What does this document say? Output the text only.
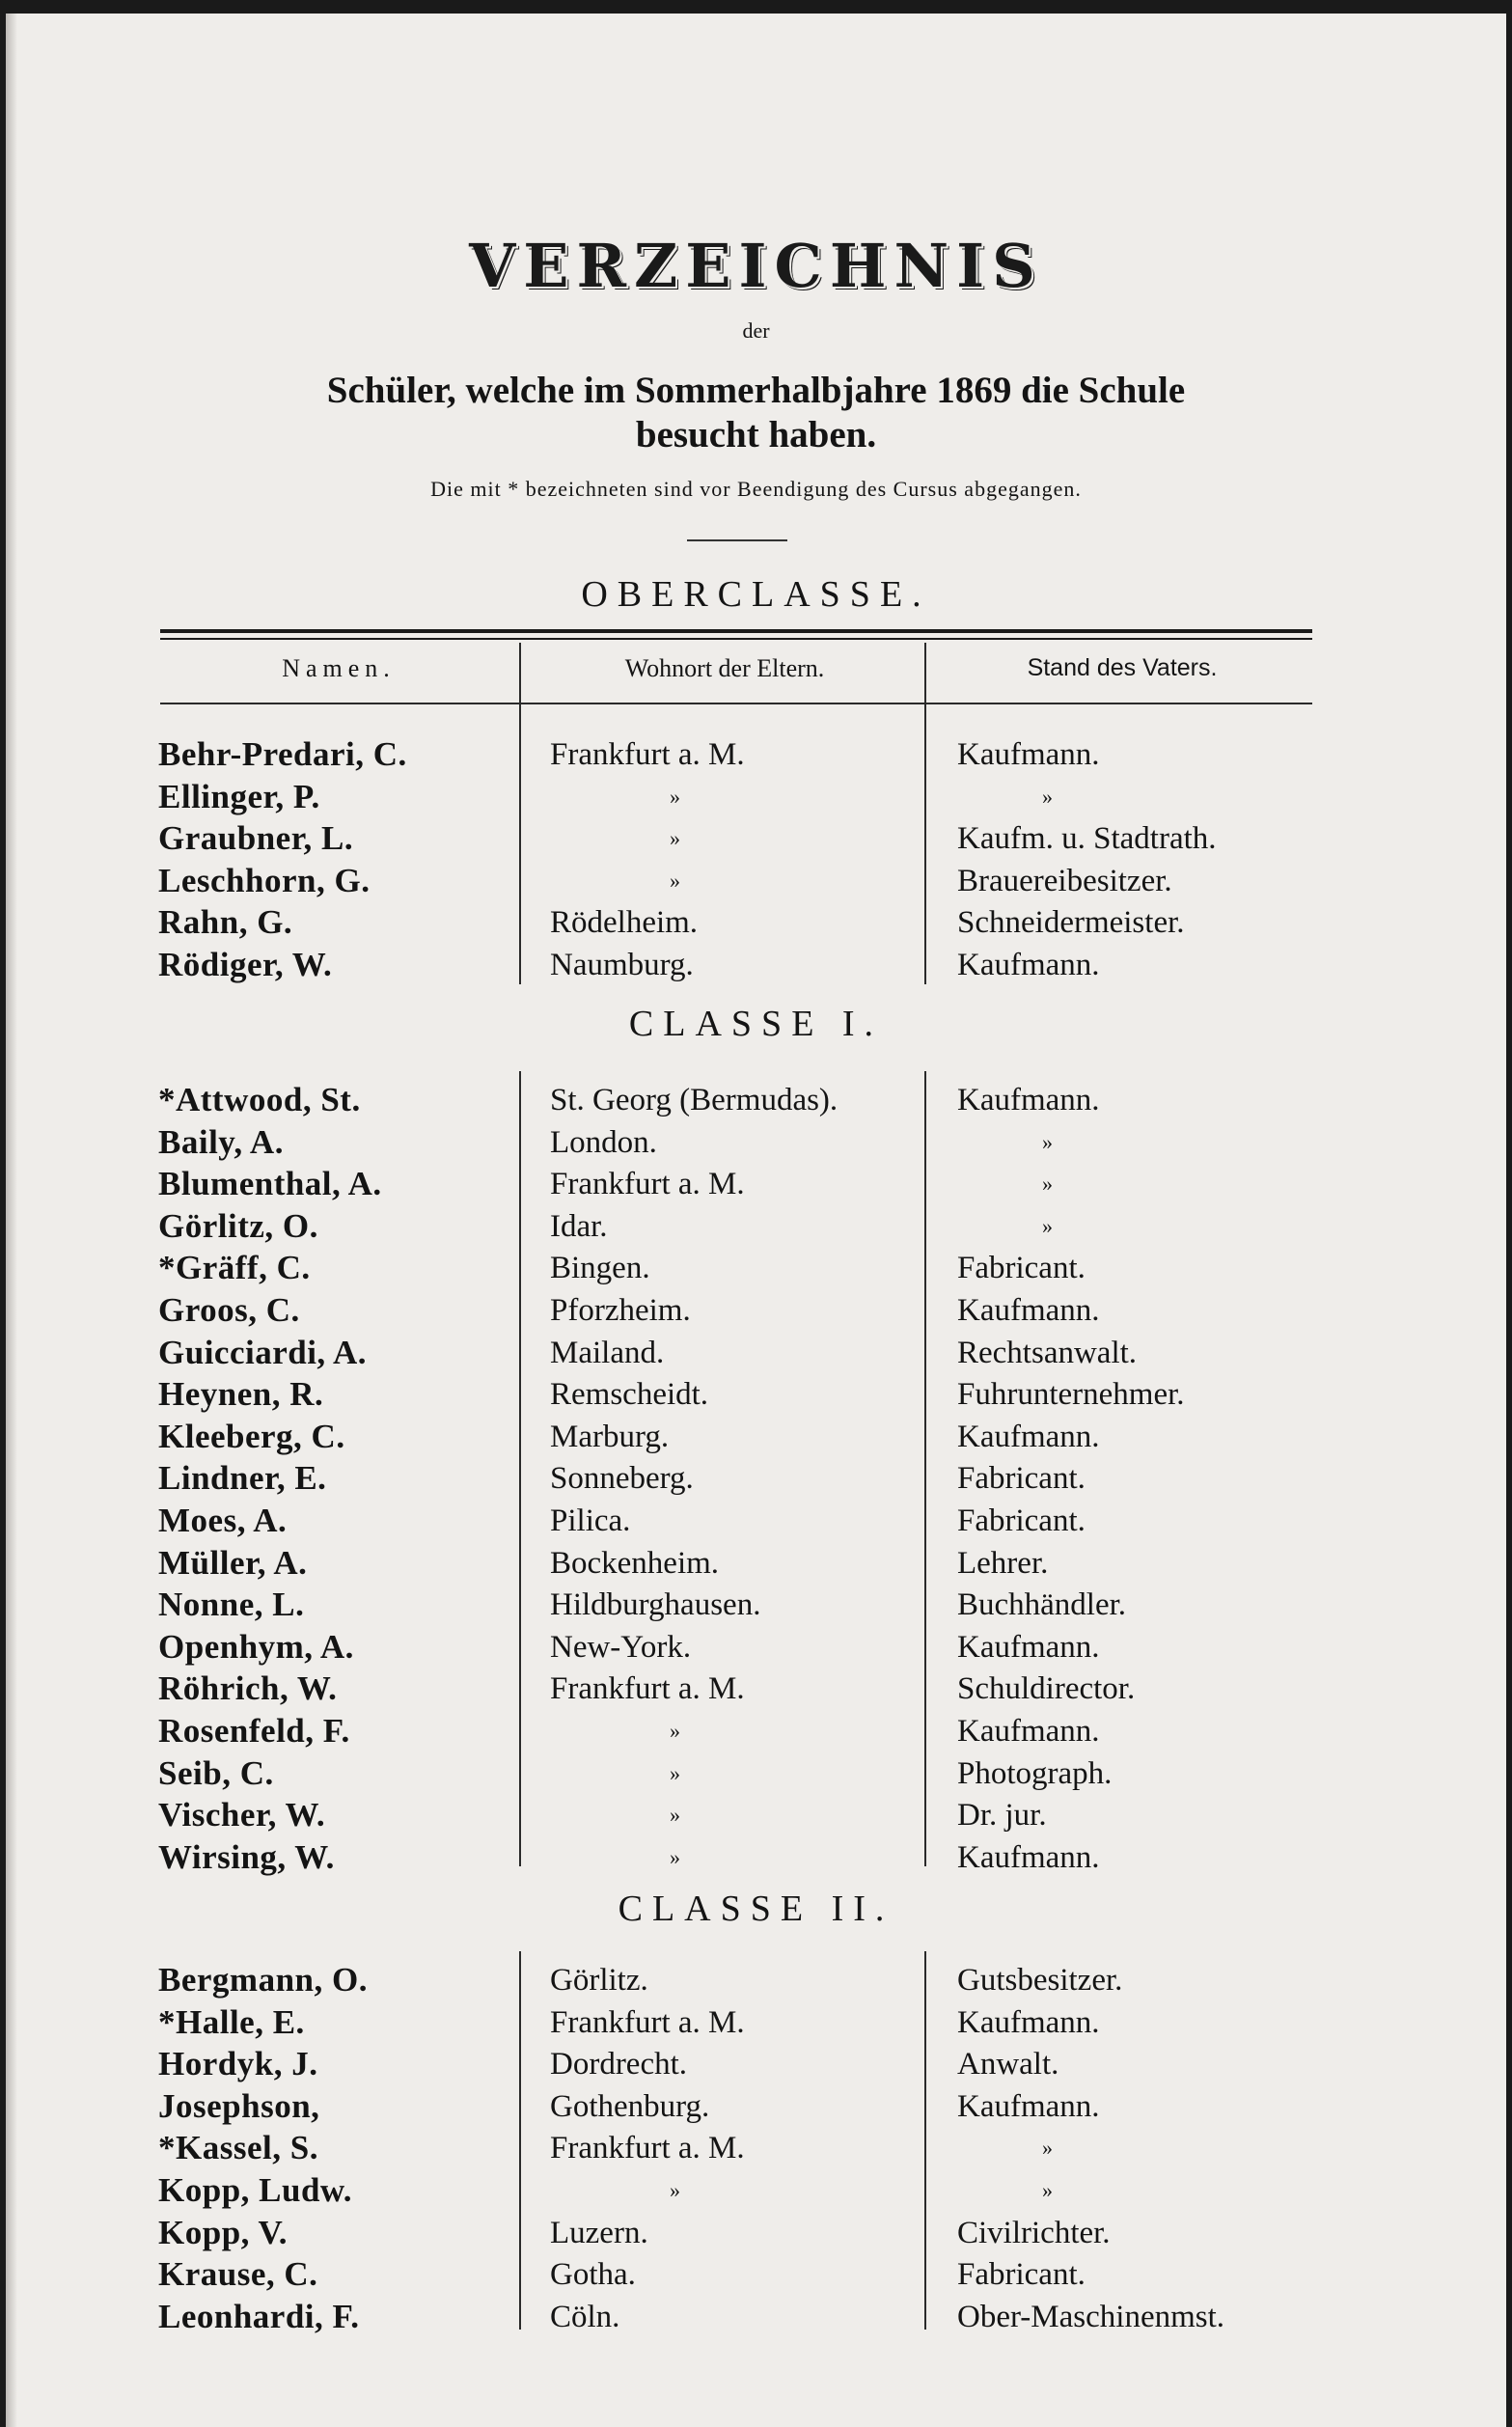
VERZEICHNIS
der
Schüler, welche im Sommerhalbjahre 1869 die Schule
besucht haben.
Die mit * bezeichneten sind vor Beendigung des Cursus abgegangen.
OBERCLASSE.
Namen.	Wohnort der Eltern.	Stand des Vaters.
Behr-Predari, C.	Frankfurt a. M.	Kaufmann.
Ellinger, P.	»	»
Graubner, L.	»	Kaufm. u. Stadtrath.
Leschhorn, G.	»	Brauereibesitzer.
Rahn, G.	Rödelheim.	Schneidermeister.
Rödiger, W.	Naumburg.	Kaufmann.
CLASSE I.
*Attwood, St.	St. Georg (Bermudas).	Kaufmann.
Baily, A.	London.	»
Blumenthal, A.	Frankfurt a. M.	»
Görlitz, O.	Idar.	»
*Gräff, C.	Bingen.	Fabricant.
Groos, C.	Pforzheim.	Kaufmann.
Guicciardi, A.	Mailand.	Rechtsanwalt.
Heynen, R.	Remscheidt.	Fuhrunternehmer.
Kleeberg, C.	Marburg.	Kaufmann.
Lindner, E.	Sonneberg.	Fabricant.
Moes, A.	Pilica.	Fabricant.
Müller, A.	Bockenheim.	Lehrer.
Nonne, L.	Hildburghausen.	Buchhändler.
Openhym, A.	New-York.	Kaufmann.
Röhrich, W.	Frankfurt a. M.	Schuldirector.
Rosenfeld, F.	»	Kaufmann.
Seib, C.	»	Photograph.
Vischer, W.	»	Dr. jur.
Wirsing, W.	»	Kaufmann.
CLASSE II.
Bergmann, O.	Görlitz.	Gutsbesitzer.
*Halle, E.	Frankfurt a. M.	Kaufmann.
Hordyk, J.	Dordrecht.	Anwalt.
Josephson,	Gothenburg.	Kaufmann.
*Kassel, S.	Frankfurt a. M.	»
Kopp, Ludw.	»	»
Kopp, V.	Luzern.	Civilrichter.
Krause, C.	Gotha.	Fabricant.
Leonhardi, F.	Cöln.	Ober-Maschinenmst.
